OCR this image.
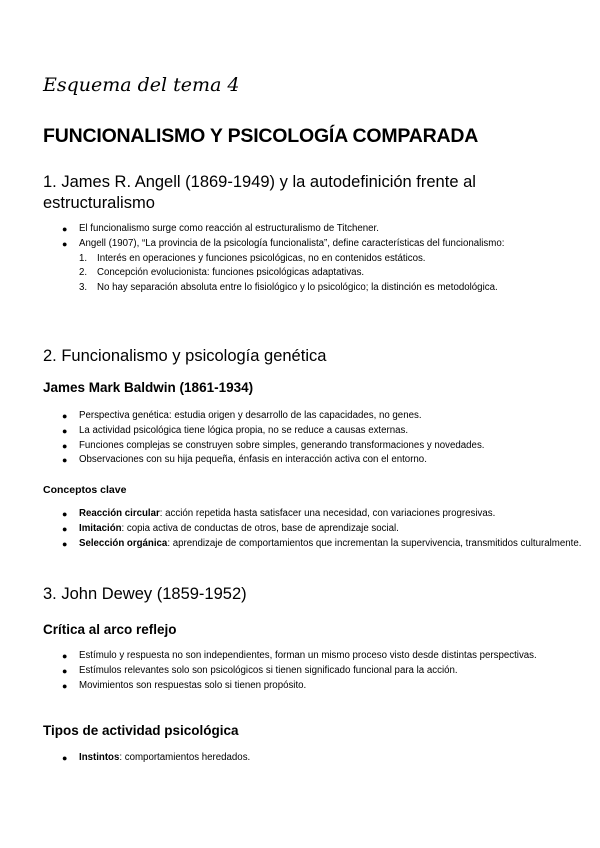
Esquema del tema 4
FUNCIONALISMO Y PSICOLOGÍA COMPARADA
1. James R. Angell (1869-1949) y la autodefinición frente al estructuralismo
● El funcionalismo surge como reacción al estructuralismo de Titchener.
● Angell (1907), “La provincia de la psicología funcionalista”, define características del funcionalismo:
1. Interés en operaciones y funciones psicológicas, no en contenidos estáticos.
2. Concepción evolucionista: funciones psicológicas adaptativas.
3. No hay separación absoluta entre lo fisiológico y lo psicológico; la distinción es metodológica.
2. Funcionalismo y psicología genética
James Mark Baldwin (1861-1934)
● Perspectiva genética: estudia origen y desarrollo de las capacidades, no genes.
● La actividad psicológica tiene lógica propia, no se reduce a causas externas.
● Funciones complejas se construyen sobre simples, generando transformaciones y novedades.
● Observaciones con su hija pequeña, énfasis en interacción activa con el entorno.
Conceptos clave
● Reacción circular: acción repetida hasta satisfacer una necesidad, con variaciones progresivas.
● Imitación: copia activa de conductas de otros, base de aprendizaje social.
● Selección orgánica: aprendizaje de comportamientos que incrementan la supervivencia, transmitidos culturalmente.
3. John Dewey (1859-1952)
Crítica al arco reflejo
● Estímulo y respuesta no son independientes, forman un mismo proceso visto desde distintas perspectivas.
● Estímulos relevantes solo son psicológicos si tienen significado funcional para la acción.
● Movimientos son respuestas solo si tienen propósito.
Tipos de actividad psicológica
● Instintos: comportamientos heredados.
